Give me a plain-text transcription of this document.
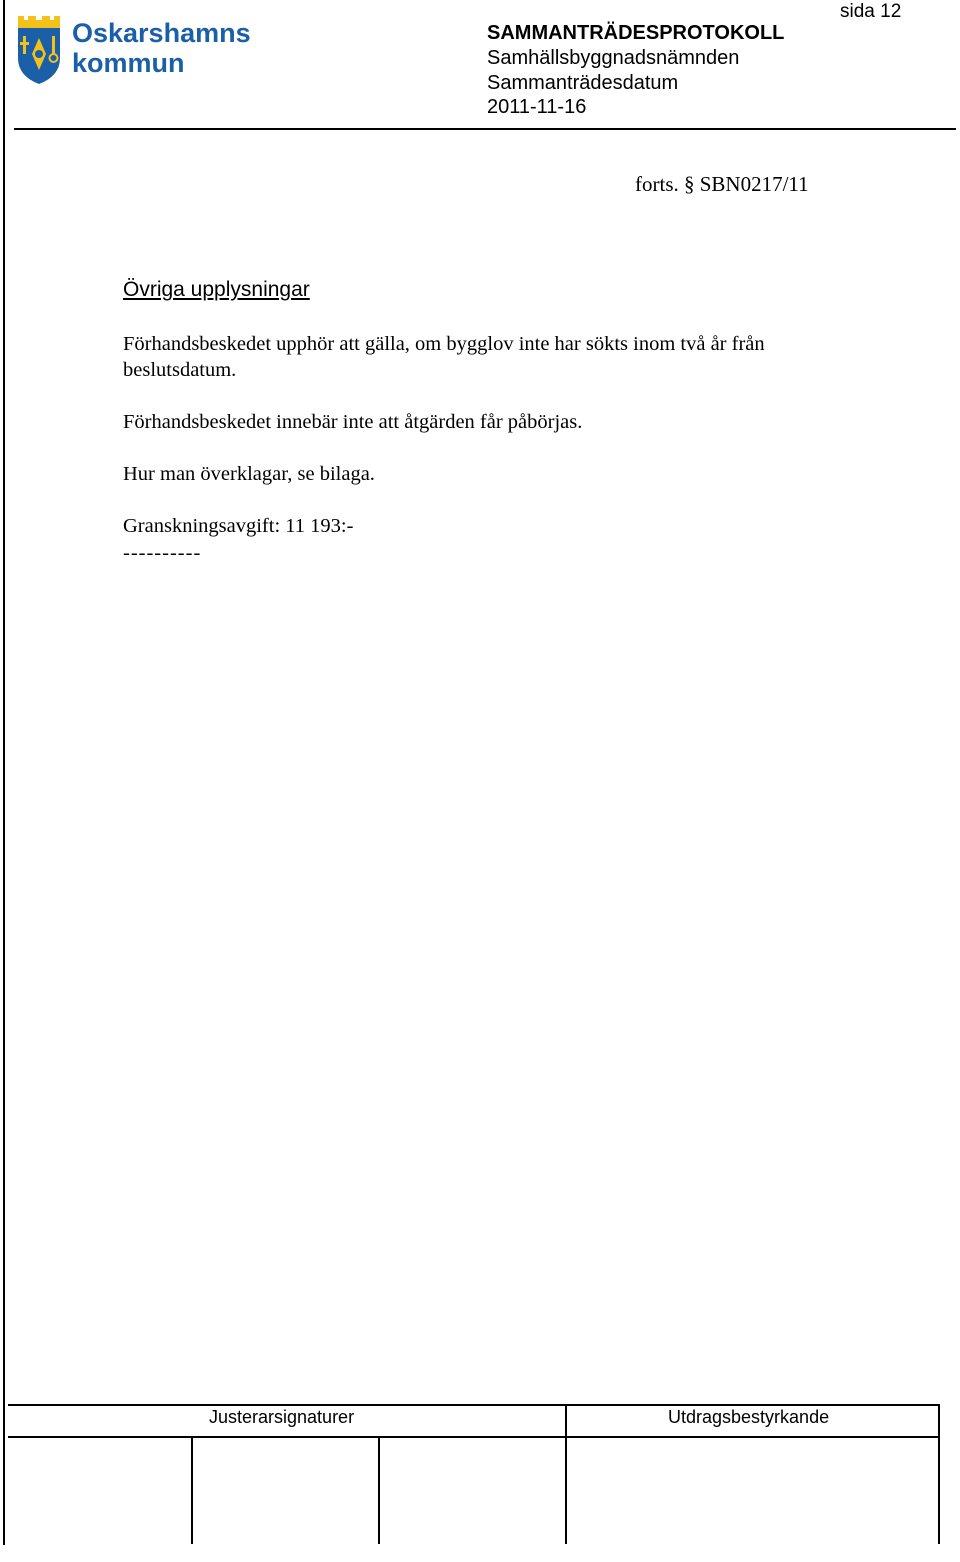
Oskarshamns
kommun
sida 12
SAMMANTRÄDESPROTOKOLL
Samhällsbyggnadsnämnden
Sammanträdesdatum
2011-11-16
forts. § SBN0217/11
Övriga upplysningar
Förhandsbeskedet upphör att gälla, om bygglov inte har sökts inom två år från beslutsdatum.
Förhandsbeskedet innebär inte att åtgärden får påbörjas.
Hur man överklagar, se bilaga.
Granskningsavgift: 11 193:-
----------
Justerarsignaturer	Utdragsbestyrkande
